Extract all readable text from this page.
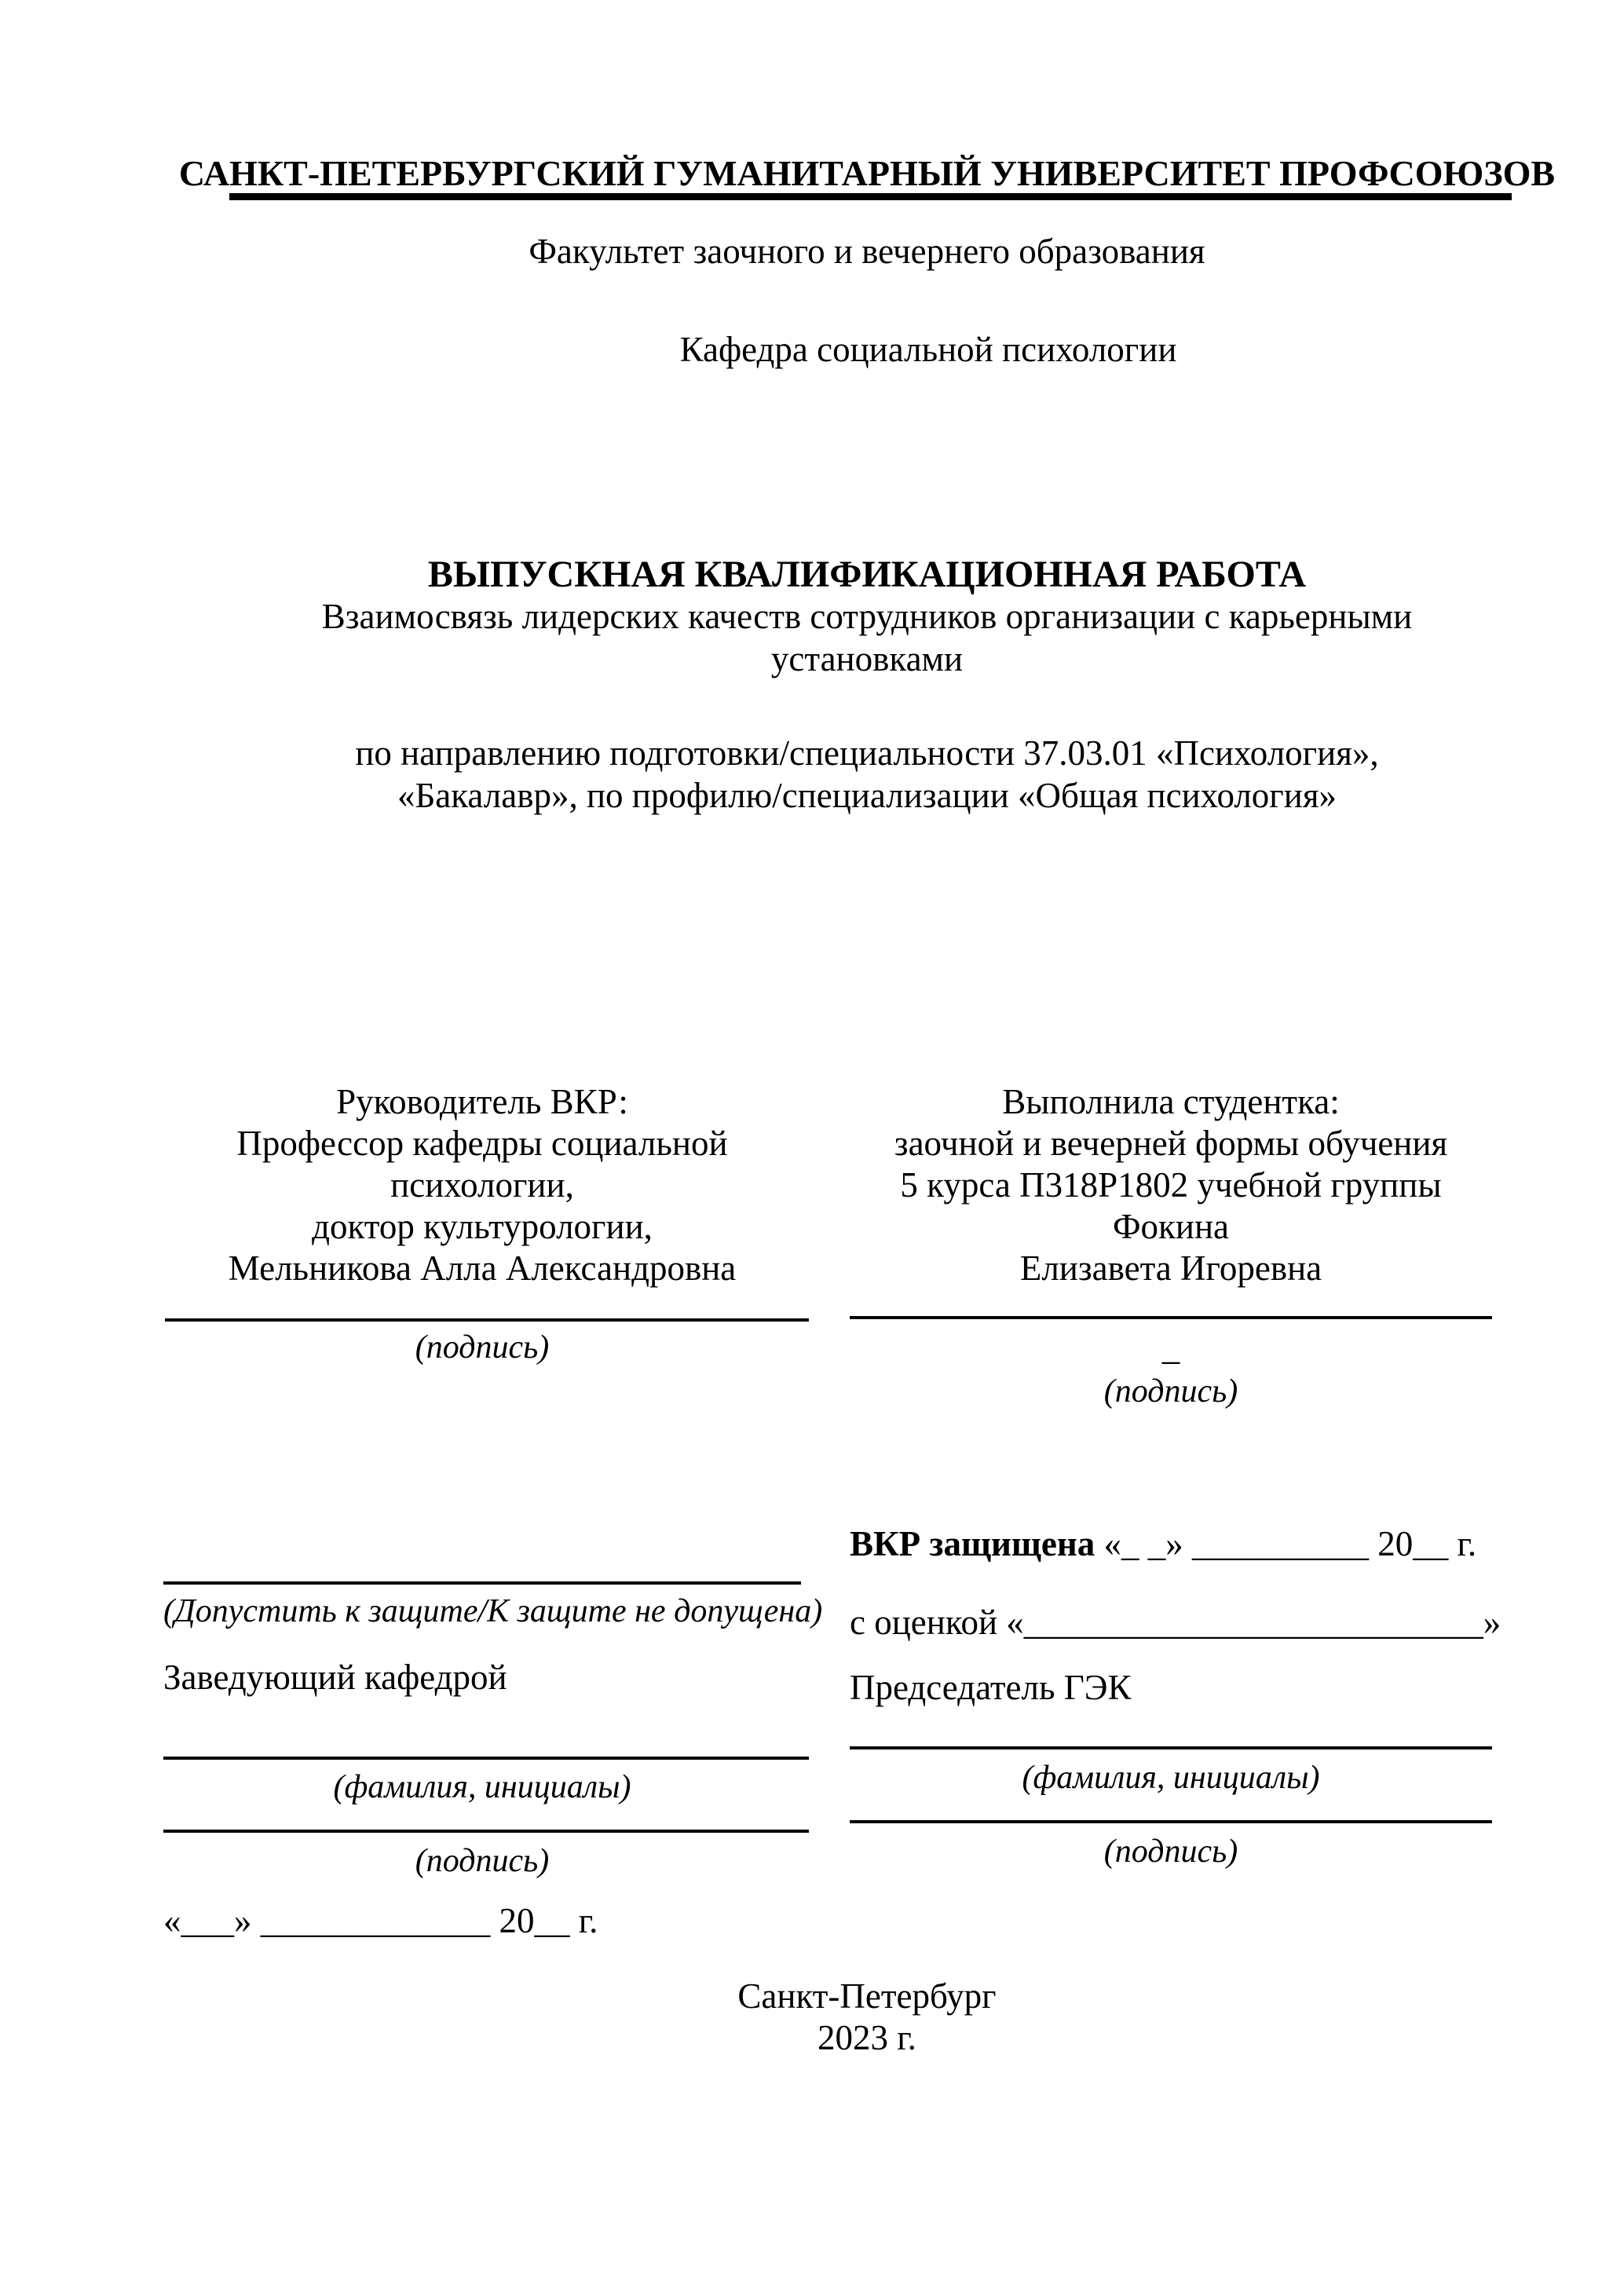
САНКТ-ПЕТЕРБУРГСКИЙ ГУМАНИТАРНЫЙ УНИВЕРСИТЕТ ПРОФСОЮЗОВ
Факультет заочного и вечернего образования
Кафедра социальной психологии
ВЫПУСКНАЯ КВАЛИФИКАЦИОННАЯ РАБОТА
Взаимосвязь лидерских качеств сотрудников организации с карьерными
установками
по направлению подготовки/специальности 37.03.01 «Психология»,
«Бакалавр», по профилю/специализации «Общая психология»
Руководитель ВКР:
Профессор кафедры социальной
психологии,
доктор культурологии,
Мельникова Алла Александровна
(подпись)
Выполнила студентка:
заочной и вечерней формы обучения
5 курса П318Р1802 учебной группы
Фокина
Елизавета Игоревна
_
(подпись)
(Допустить к защите/К защите не допущена)
Заведующий кафедрой
(фамилия, инициалы)
(подпись)
«___» _____________ 20__ г.
ВКР защищена «_ _» __________ 20__ г.
с оценкой «__________________________»
Председатель ГЭК
(фамилия, инициалы)
(подпись)
Санкт-Петербург
2023 г.
